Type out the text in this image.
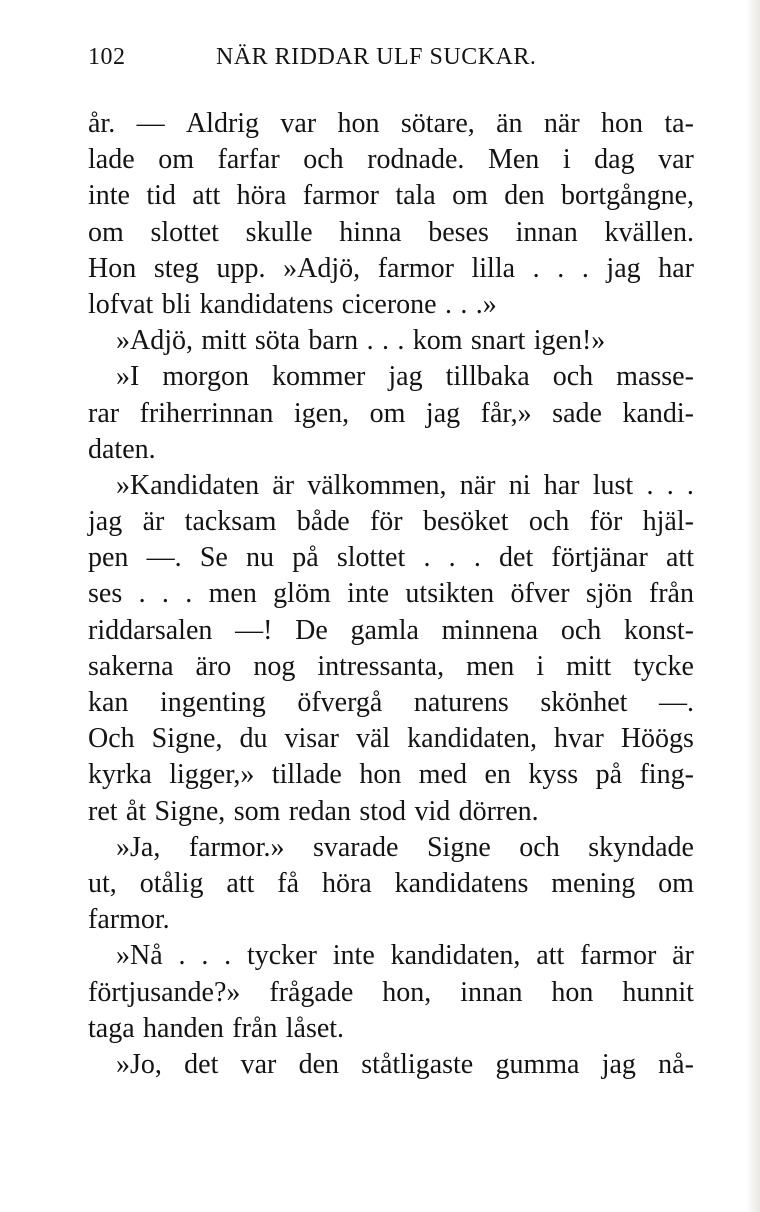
102	NÄR RIDDAR ULF SUCKAR.
år. — Aldrig var hon sötare, än när hon ta-
lade om farfar och rodnade. Men i dag var
inte tid att höra farmor tala om den bortgångne,
om slottet skulle hinna beses innan kvällen.
Hon steg upp. »Adjö, farmor lilla . . . jag har
lofvat bli kandidatens cicerone . . .»
»Adjö, mitt söta barn . . . kom snart igen!»
»I morgon kommer jag tillbaka och masse-
rar friherrinnan igen, om jag får,» sade kandi-
daten.
»Kandidaten är välkommen, när ni har lust . . .
jag är tacksam både för besöket och för hjäl-
pen —. Se nu på slottet . . . det förtjänar att
ses . . . men glöm inte utsikten öfver sjön från
riddarsalen —! De gamla minnena och konst-
sakerna äro nog intressanta, men i mitt tycke
kan ingenting öfvergå naturens skönhet —.
Och Signe, du visar väl kandidaten, hvar Höögs
kyrka ligger,» tillade hon med en kyss på fing-
ret åt Signe, som redan stod vid dörren.
»Ja, farmor.» svarade Signe och skyndade
ut, otålig att få höra kandidatens mening om
farmor.
»Nå . . . tycker inte kandidaten, att farmor är
förtjusande?» frågade hon, innan hon hunnit
taga handen från låset.
»Jo, det var den ståtligaste gumma jag nå-
